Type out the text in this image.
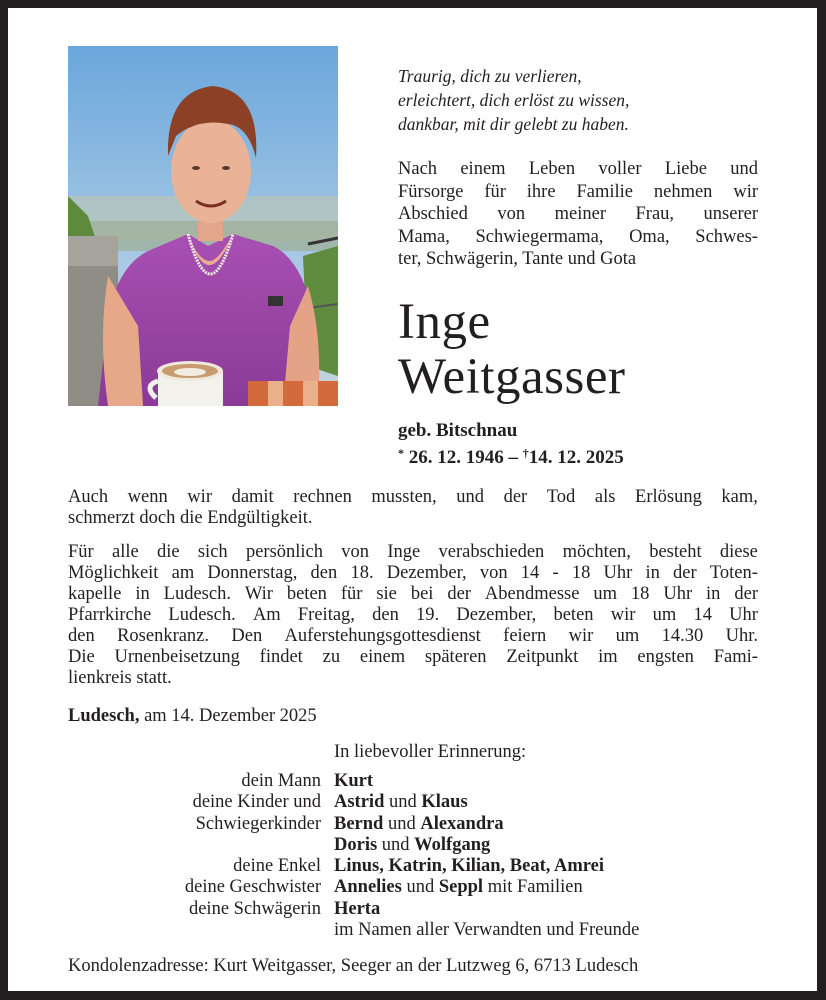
Traurig, dich zu verlieren,
erleichtert, dich erlöst zu wissen,
dankbar, mit dir gelebt zu haben.
Nach einem Leben voller Liebe und
Fürsorge für ihre Familie nehmen wir
Abschied von meiner Frau, unserer
Mama, Schwiegermama, Oma, Schwes-
ter, Schwägerin, Tante und Gota
Inge
Weitgasser
geb. Bitschnau
* 26. 12. 1946 – †14. 12. 2025
Auch wenn wir damit rechnen mussten, und der Tod als Erlösung kam,
schmerzt doch die Endgültigkeit.
Für alle die sich persönlich von Inge verabschieden möchten, besteht diese
Möglichkeit am Donnerstag, den 18. Dezember, von 14 - 18 Uhr in der Toten-
kapelle in Ludesch. Wir beten für sie bei der Abendmesse um 18 Uhr in der
Pfarrkirche Ludesch. Am Freitag, den 19. Dezember, beten wir um 14 Uhr
den Rosenkranz. Den Auferstehungsgottesdienst feiern wir um 14.30 Uhr.
Die Urnenbeisetzung findet zu einem späteren Zeitpunkt im engsten Fami-
lienkreis statt.
Ludesch, am 14. Dezember 2025
In liebevoller Erinnerung:
dein Mann Kurt
deine Kinder und Astrid und Klaus
Schwiegerkinder Bernd und Alexandra
Doris und Wolfgang
deine Enkel Linus, Katrin, Kilian, Beat, Amrei
deine Geschwister Annelies und Seppl mit Familien
deine Schwägerin Herta
im Namen aller Verwandten und Freunde
Kondolenzadresse: Kurt Weitgasser, Seeger an der Lutzweg 6, 6713 Ludesch
